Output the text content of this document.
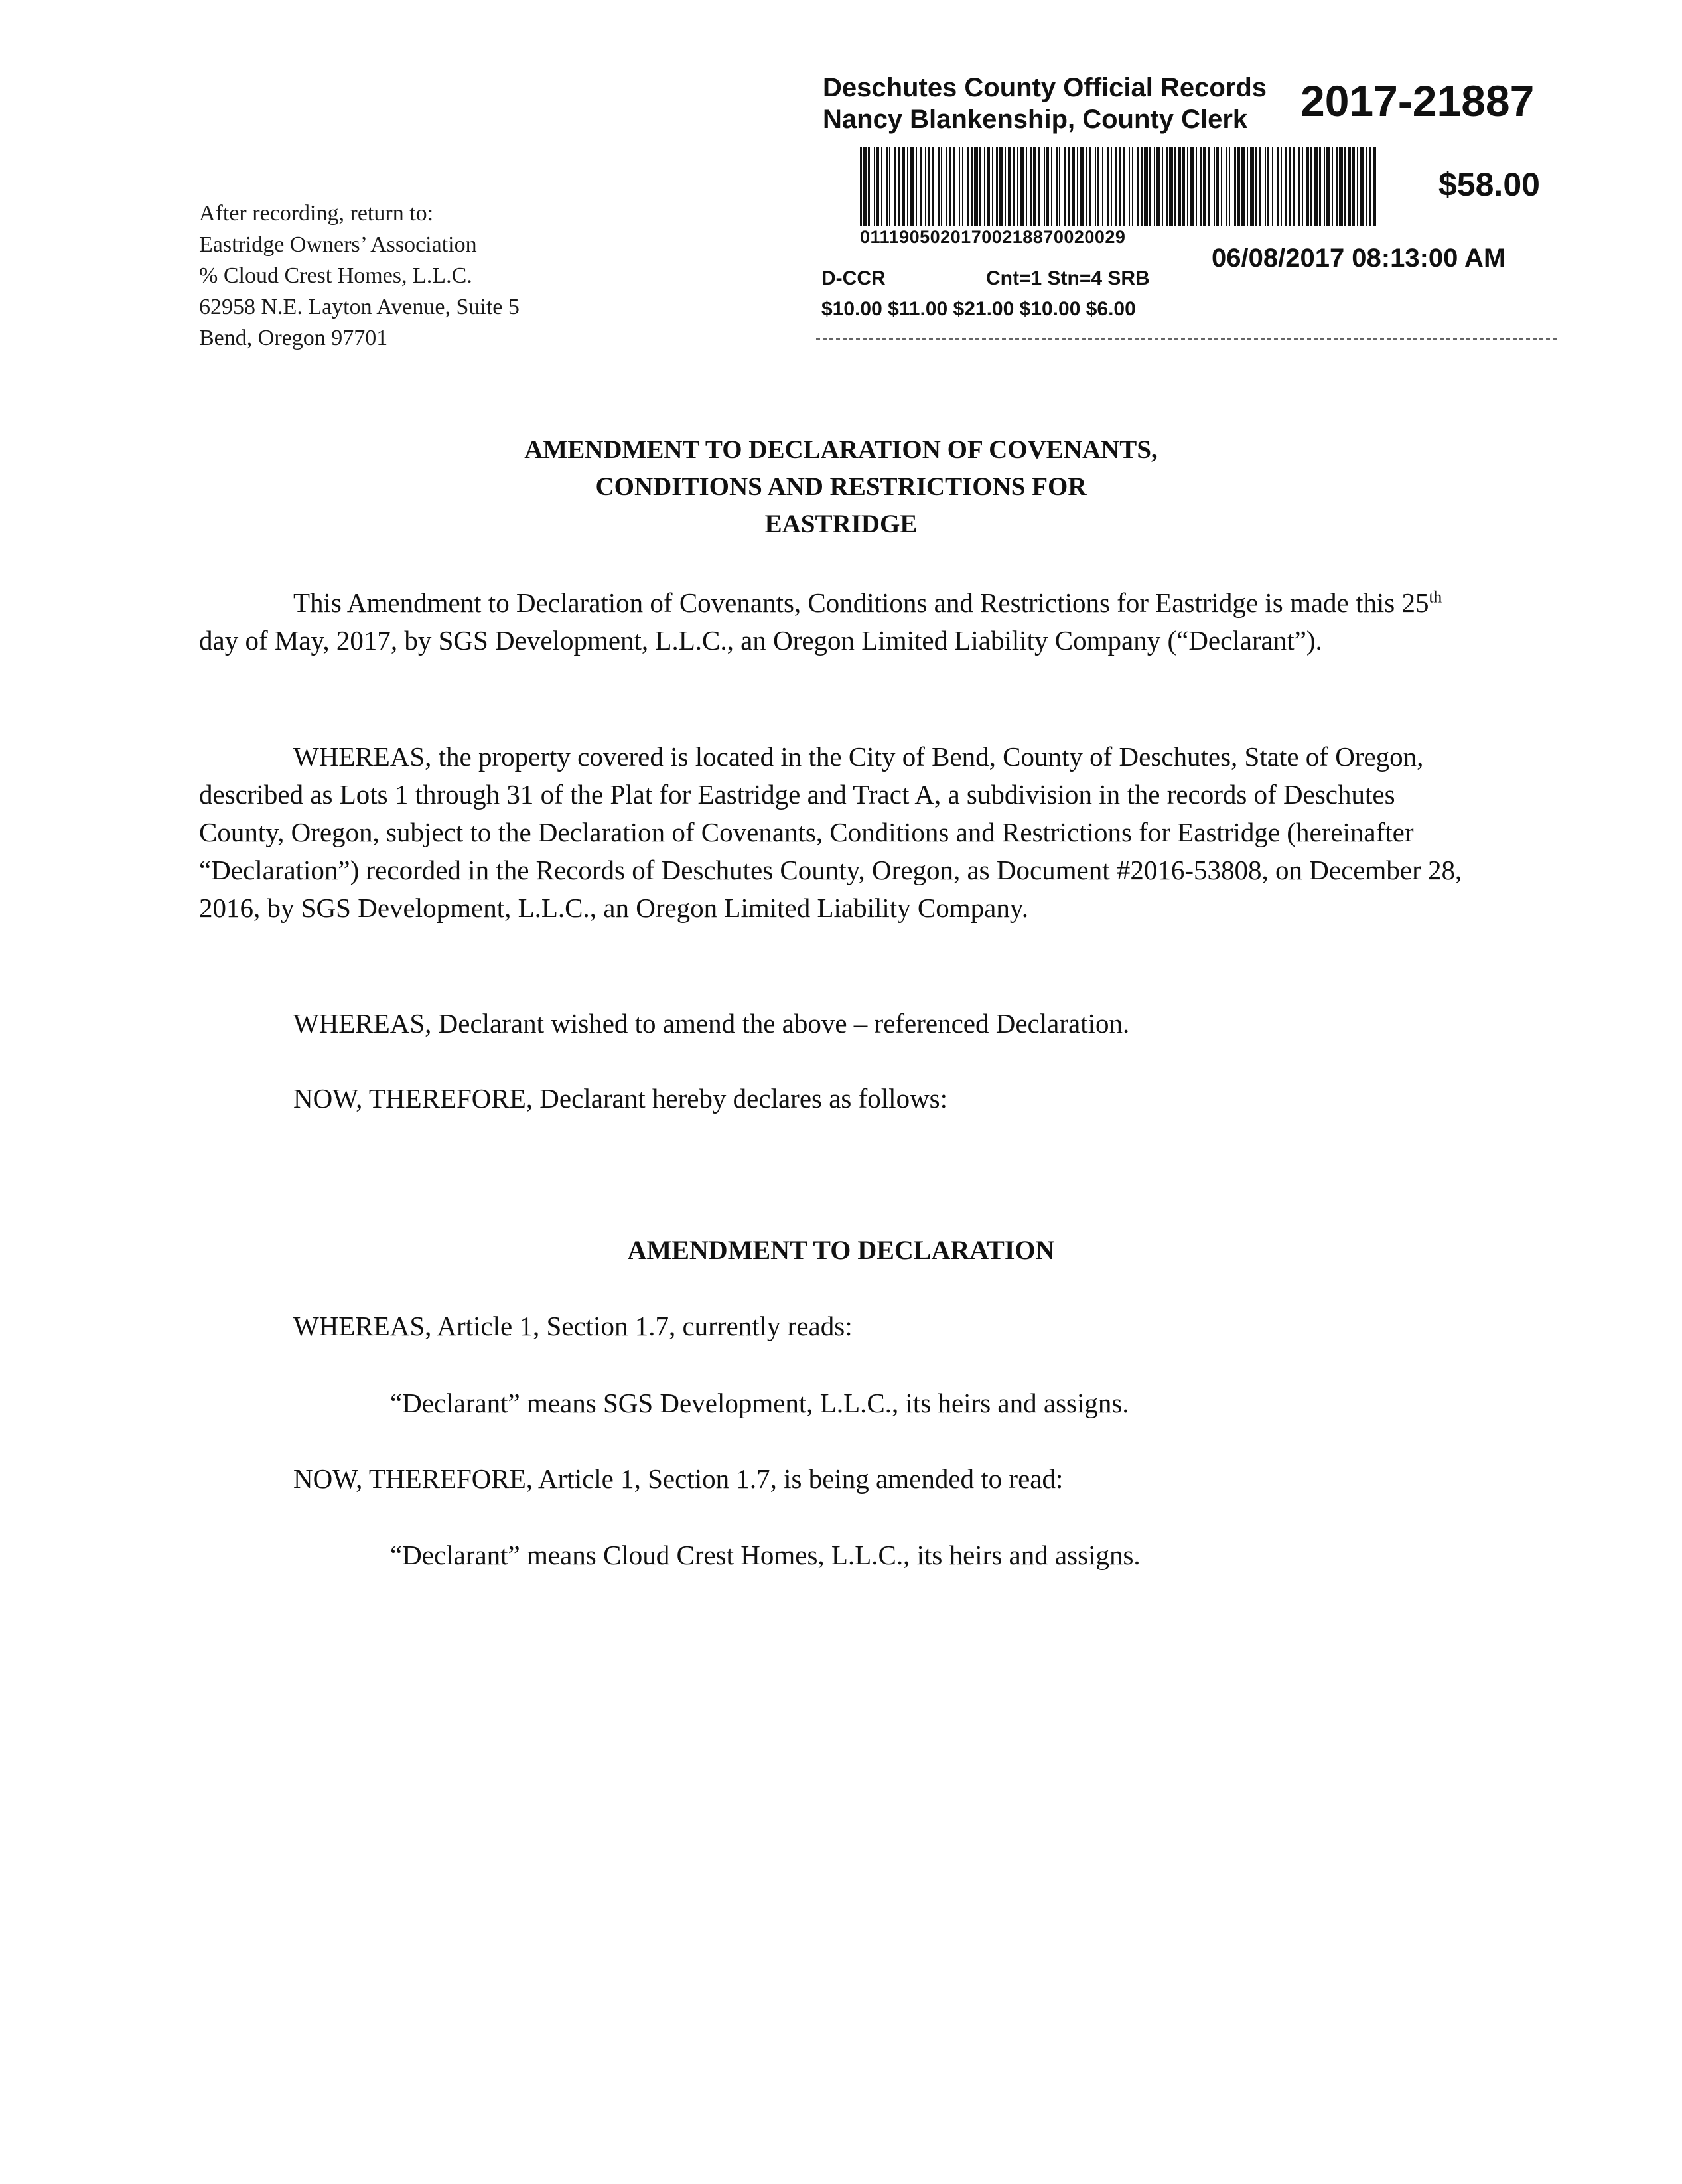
Deschutes County Official Records
Nancy Blankenship, County Clerk	2017-21887
01119050201700218870020029
$58.00
06/08/2017 08:13:00 AM
D-CCR	Cnt=1 Stn=4 SRB
$10.00 $11.00 $21.00 $10.00 $6.00
After recording, return to:
Eastridge Owners’ Association
% Cloud Crest Homes, L.L.C.
62958 N.E. Layton Avenue, Suite 5
Bend, Oregon 97701
AMENDMENT TO DECLARATION OF COVENANTS,
CONDITIONS AND RESTRICTIONS FOR
EASTRIDGE

This Amendment to Declaration of Covenants, Conditions and Restrictions for Eastridge is made this 25th day of May, 2017, by SGS Development, L.L.C., an Oregon Limited Liability Company (“Declarant”).

WHEREAS, the property covered is located in the City of Bend, County of Deschutes, State of Oregon, described as Lots 1 through 31 of the Plat for Eastridge and Tract A, a subdivision in the records of Deschutes County, Oregon, subject to the Declaration of Covenants, Conditions and Restrictions for Eastridge (hereinafter “Declaration”) recorded in the Records of Deschutes County, Oregon, as Document #2016-53808, on December 28, 2016, by SGS Development, L.L.C., an Oregon Limited Liability Company.

WHEREAS, Declarant wished to amend the above – referenced Declaration.
NOW, THEREFORE, Declarant hereby declares as follows:
AMENDMENT TO DECLARATION
WHEREAS, Article 1, Section 1.7, currently reads:
“Declarant” means SGS Development, L.L.C., its heirs and assigns.
NOW, THEREFORE, Article 1, Section 1.7, is being amended to read:
“Declarant” means Cloud Crest Homes, L.L.C., its heirs and assigns.
